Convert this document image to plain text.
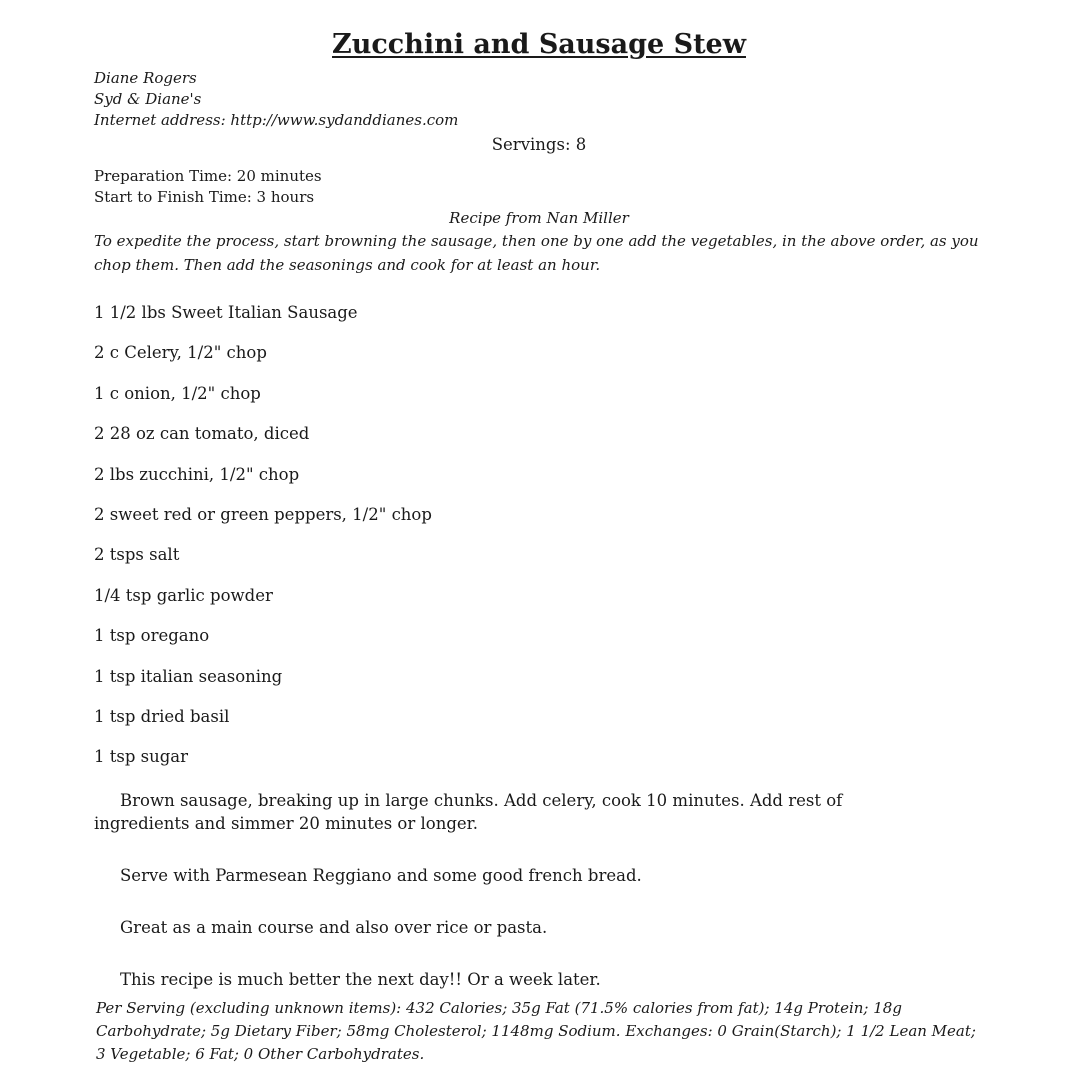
Zucchini and Sausage Stew

Diane Rogers

Syd & Diane's

Internet address: http://www.sydanddianes.com

Servings: 8

Preparation Time: 20 minutes
Start to Finish Time: 3 hours

Recipe from Nan Miller

To expedite the process, start browning the sausage, then one by one add the vegetables, in the above order, as you chop them. Then add the seasonings and cook for at least an hour.

1 1/2 lbs Sweet Italian Sausage
2 c Celery, 1/2" chop
1 c onion, 1/2" chop
2 28 oz can tomato, diced
2 lbs zucchini, 1/2" chop
2 sweet red or green peppers, 1/2" chop
2 tsps salt
1/4 tsp garlic powder
1 tsp oregano
1 tsp italian seasoning
1 tsp dried basil
1 tsp sugar

Brown sausage, breaking up in large chunks. Add celery, cook 10 minutes. Add rest of ingredients and simmer 20 minutes or longer.

Serve with Parmesean Reggiano and some good french bread.

Great as a main course and also over rice or pasta.

This recipe is much better the next day!! Or a week later.

Per Serving (excluding unknown items): 432 Calories; 35g Fat (71.5% calories from fat); 14g Protein; 18g Carbohydrate; 5g Dietary Fiber; 58mg Cholesterol; 1148mg Sodium. Exchanges: 0 Grain(Starch); 1 1/2 Lean Meat; 3 Vegetable; 6 Fat; 0 Other Carbohydrates.
